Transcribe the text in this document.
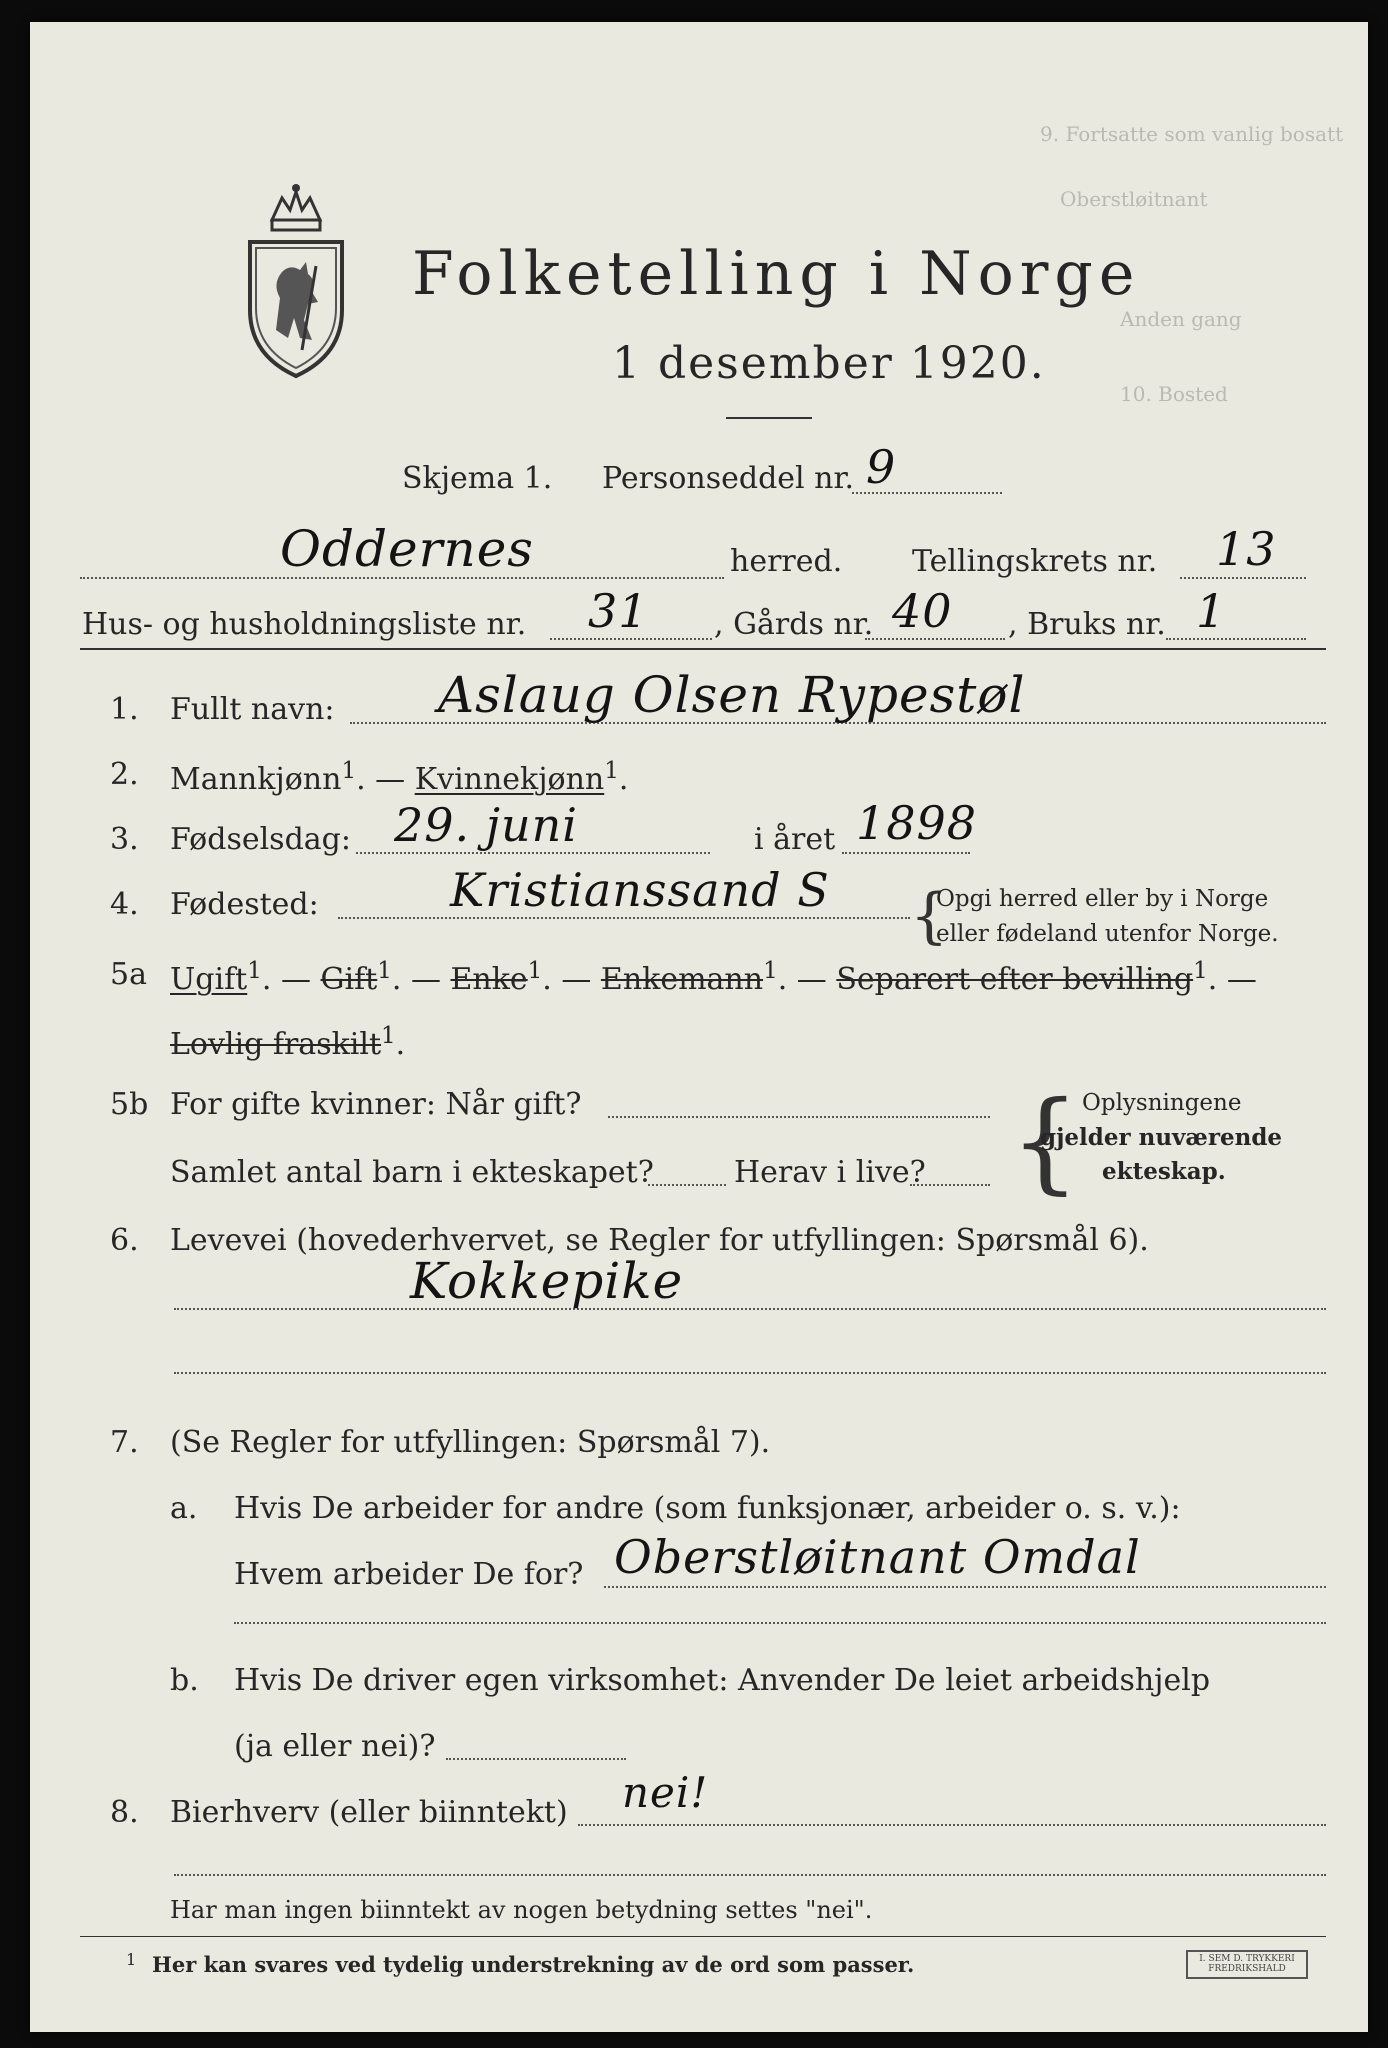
9. Fortsatte som vanlig bosatt
Oberstløitnant
Anden gang
10. Bosted
Folketelling i Norge
1 desember 1920.
Skjema 1. Personseddel nr. 9
Oddernes	herred. Tellingskrets nr. 13
Hus- og husholdningsliste nr. 31 , Gårds nr. 40 , Bruks nr. 1
1. Fullt navn: Aslaug Olsen Rypestøl
2. Mannkjønn$^1$. — Kvinnekjønn$^1$.
3. Fødselsdag: 29. juni	i året 1898
4. Fødested:	Kristianssand S {
Opgi herred eller by i Norge
eller fødeland utenfor Norge.
5a Ugift$^1$. — Gift$^1$. — Enke$^1$. — Enkemann$^1$. — Separert efter bevilling$^1$. —
Lovlig fraskilt$^1$.
5b For gifte kvinner: Når gift?
Samlet antal barn i ekteskapet?	Herav i live? { Oplysningene
gjelder nuværende
ekteskap.
6. Levevei (hovederhvervet, se Regler for utfyllingen: Spørsmål 6).
Kokkepike
7. (Se Regler for utfyllingen: Spørsmål 7).
a. Hvis De arbeider for andre (som funksjonær, arbeider o. s. v.):
Hvem arbeider De for? Oberstløitnant Omdal
b. Hvis De driver egen virksomhet: Anvender De leiet arbeidshjelp
(ja eller nei)?
8. Bierhverv (eller biinntekt) nei!
Har man ingen biinntekt av nogen betydning settes "nei".
1 Her kan svares ved tydelig understrekning av de ord som passer.	I. SEM D. TRYKKERI FREDRIKSHALD
